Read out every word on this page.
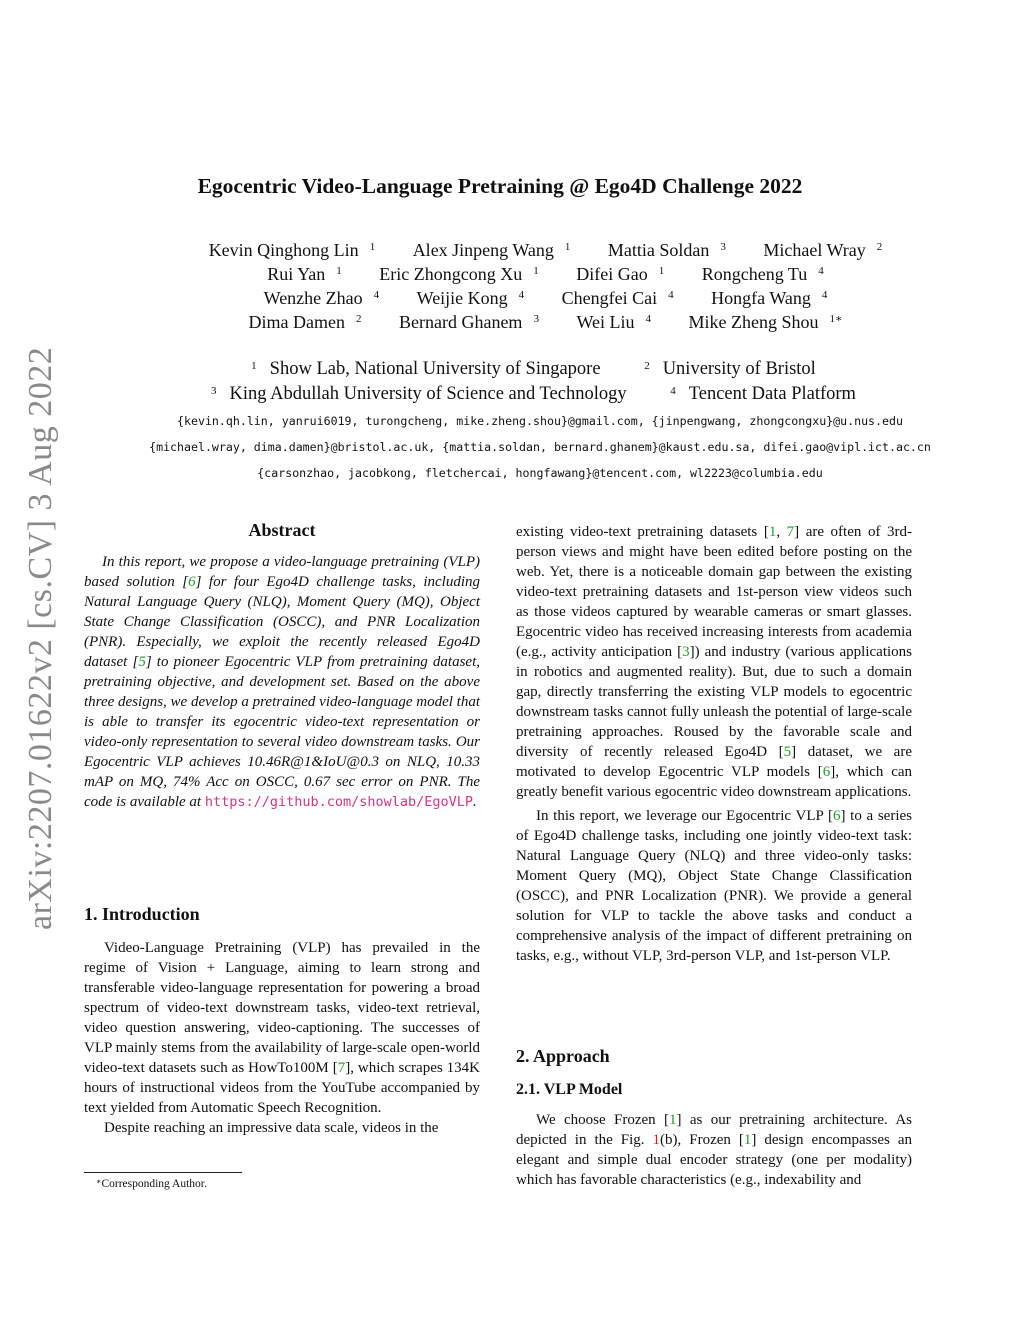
arXiv:2207.01622v2 [cs.CV] 3 Aug 2022
Egocentric Video-Language Pretraining @ Ego4D Challenge 2022
Kevin Qinghong Lin $^1$ Alex Jinpeng Wang $^1$ Mattia Soldan $^3$ Michael Wray $^2$
Rui Yan $^1$ Eric Zhongcong Xu $^1$ Difei Gao $^1$ Rongcheng Tu $^4$
Wenzhe Zhao $^4$ Weijie Kong $^4$ Chengfei Cai $^4$ Hongfa Wang $^4$
Dima Damen $^2$ Bernard Ghanem $^3$ Wei Liu $^4$ Mike Zheng Shou $^{1∗}$
$^1$ Show Lab, National University of Singapore	$^2$ University of Bristol
$^3$ King Abdullah University of Science and Technology	$^4$ Tencent Data Platform
{kevin.qh.lin, yanrui6019, turongcheng, mike.zheng.shou}@gmail.com, {jinpengwang, zhongcongxu}@u.nus.edu
{michael.wray, dima.damen}@bristol.ac.uk, {mattia.soldan, bernard.ghanem}@kaust.edu.sa, difei.gao@vipl.ict.ac.cn
{carsonzhao, jacobkong, fletchercai, hongfawang}@tencent.com, wl2223@columbia.edu
Abstract

In this report, we propose a video-language pretraining (VLP) based solution [6] for four Ego4D challenge tasks, including Natural Language Query (NLQ), Moment Query (MQ), Object State Change Classification (OSCC), and PNR Localization (PNR). Especially, we exploit the recently released Ego4D dataset [5] to pioneer Egocentric VLP from pretraining dataset, pretraining objective, and development set. Based on the above three designs, we develop a pretrained video-language model that is able to transfer its egocentric video-text representation or video-only representation to several video downstream tasks. Our Egocentric VLP achieves 10.46R@1&IoU@0.3 on NLQ, 10.33 mAP on MQ, 74% Acc on OSCC, 0.67 sec error on PNR. The code is available at https://github.com/showlab/EgoVLP.

1. Introduction

Video-Language Pretraining (VLP) has prevailed in the regime of Vision + Language, aiming to learn strong and transferable video-language representation for powering a broad spectrum of video-text downstream tasks, video-text retrieval, video question answering, video-captioning. The successes of VLP mainly stems from the availability of large-scale open-world video-text datasets such as HowTo100M [7], which scrapes 134K hours of instructional videos from the YouTube accompanied by text yielded from Automatic Speech Recognition.

Despite reaching an impressive data scale, videos in the

∗Corresponding Author.

existing video-text pretraining datasets [1, 7] are often of 3rd-person views and might have been edited before posting on the web. Yet, there is a noticeable domain gap between the existing video-text pretraining datasets and 1st-person view videos such as those videos captured by wearable cameras or smart glasses. Egocentric video has received increasing interests from academia (e.g., activity anticipation [3]) and industry (various applications in robotics and augmented reality). But, due to such a domain gap, directly transferring the existing VLP models to egocentric downstream tasks cannot fully unleash the potential of large-scale pretraining approaches. Roused by the favorable scale and diversity of recently released Ego4D [5] dataset, we are motivated to develop Egocentric VLP models [6], which can greatly benefit various egocentric video downstream applications.

In this report, we leverage our Egocentric VLP [6] to a series of Ego4D challenge tasks, including one jointly video-text task: Natural Language Query (NLQ) and three video-only tasks: Moment Query (MQ), Object State Change Classification (OSCC), and PNR Localization (PNR). We provide a general solution for VLP to tackle the above tasks and conduct a comprehensive analysis of the impact of different pretraining on tasks, e.g., without VLP, 3rd-person VLP, and 1st-person VLP.

2. Approach
2.1. VLP Model

We choose Frozen [1] as our pretraining architecture. As depicted in the Fig. 1(b), Frozen [1] design encompasses an elegant and simple dual encoder strategy (one per modality) which has favorable characteristics (e.g., indexability and
